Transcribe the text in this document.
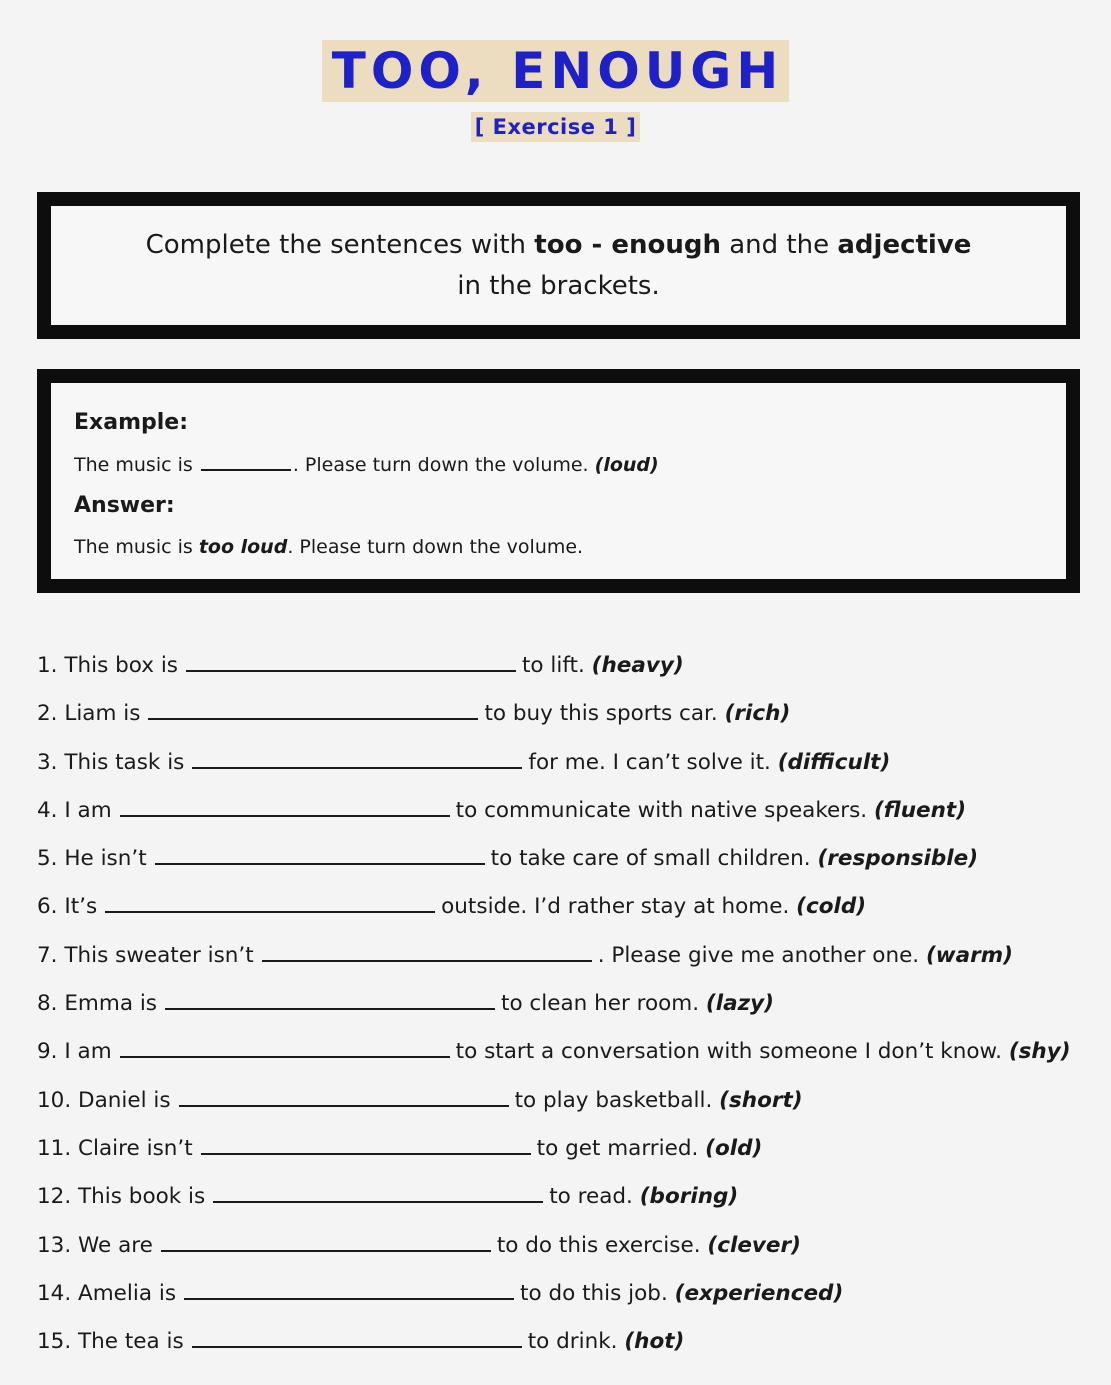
TOO, ENOUGH
[ Exercise 1 ]
Complete the sentences with too - enough and the adjective
in the brackets.

Example:

The music is	. Please turn down the volume. (loud)

Answer:

The music is too loud. Please turn down the volume.

1. This box is	to lift. (heavy)
2. Liam is	to buy this sports car. (rich)
3. This task is	for me. I can’t solve it. (difficult)
4. I am	to communicate with native speakers. (fluent)
5. He isn’t	to take care of small children. (responsible)
6. It’s	outside. I’d rather stay at home. (cold)
7. This sweater isn’t	. Please give me another one. (warm)
8. Emma is	to clean her room. (lazy)
9. I am	to start a conversation with someone I don’t know. (shy)
10. Daniel is	to play basketball. (short)
11. Claire isn’t	to get married. (old)
12. This book is	to read. (boring)
13. We are	to do this exercise. (clever)
14. Amelia is	to do this job. (experienced)
15. The tea is	to drink. (hot)
